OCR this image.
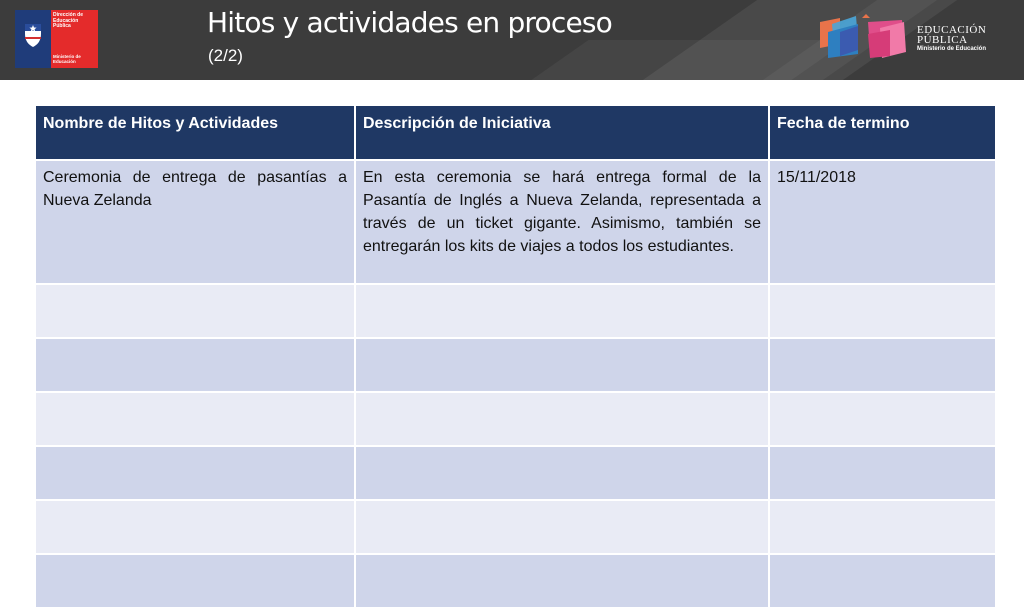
Dirección de Educación Pública
Ministerio de Educación
Hitos y actividades en proceso
(2/2)
EDUCACIÓN
PÚBLICA
Ministerio de Educación
Nombre de Hitos y Actividades	Descripción de Iniciativa	Fecha de termino
Ceremonia de entrega de pasantías a Nueva Zelanda	En esta ceremonia se hará entrega formal de la Pasantía de Inglés a Nueva Zelanda, representada a través de un ticket gigante. Asimismo, también se entregarán los kits de viajes a todos los estudiantes.	15/11/2018
